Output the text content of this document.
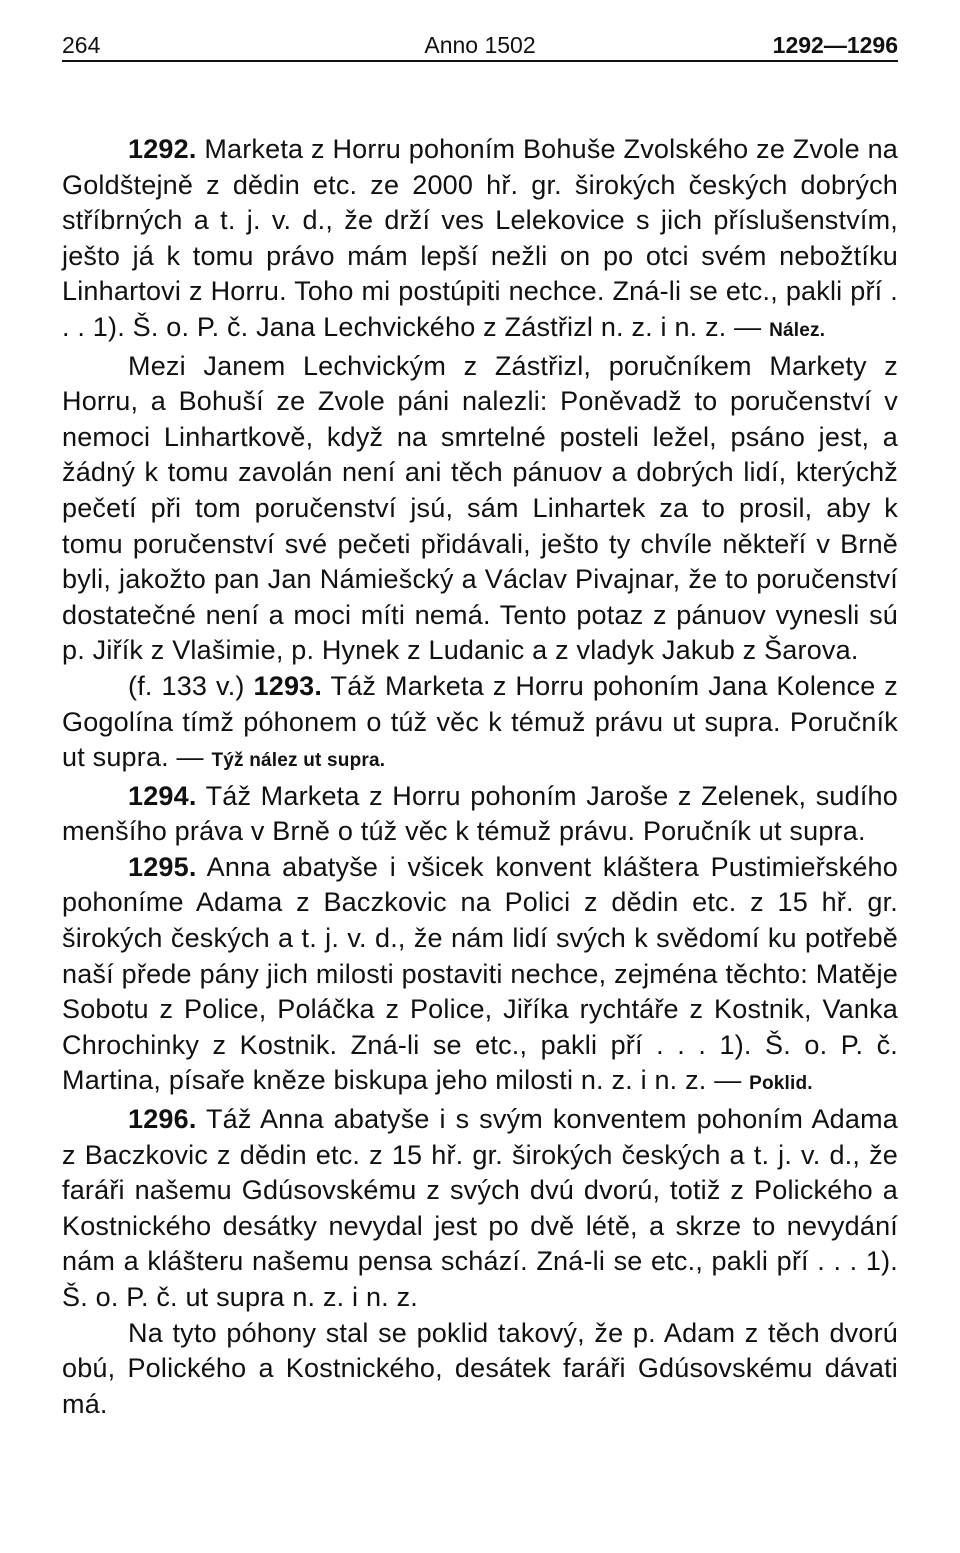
264	Anno 1502	1292—1296

1292. Marketa z Horru pohoním Bohuše Zvolského ze Zvole na Goldštejně z dědin etc. ze 2000 hř. gr. širokých českých dobrých stříbrných a t. j. v. d., že drží ves Lelekovice s jich příslušenstvím, ješto já k tomu právo mám lepší nežli on po otci svém nebožtíku Linhartovi z Horru. Toho mi postúpiti nechce. Zná-li se etc., pakli pří . . . 1). Š. o. P. č. Jana Lechvického z Zástřizl n. z. i n. z. — Nález.

Mezi Janem Lechvickým z Zástřizl, poručníkem Markety z Horru, a Bohuší ze Zvole páni nalezli: Poněvadž to poručenství v nemoci Linhartkově, když na smrtelné posteli ležel, psáno jest, a žádný k tomu zavolán není ani těch pánuov a dobrých lidí, kterýchž pečetí při tom poručenství jsú, sám Linhartek za to prosil, aby k tomu poručenství své pečeti přidávali, ješto ty chvíle někteří v Brně byli, jakožto pan Jan Námiešcký a Václav Pivajnar, že to poručenství dostatečné není a moci míti nemá. Tento potaz z pánuov vynesli sú p. Jiřík z Vlašimie, p. Hynek z Ludanic a z vladyk Jakub z Šarova.

(f. 133 v.) 1293. Táž Marketa z Horru pohoním Jana Kolence z Gogolína tímž póhonem o túž věc k témuž právu ut supra. Poručník ut supra. — Týž nález ut supra.

1294. Táž Marketa z Horru pohoním Jaroše z Zelenek, sudího menšího práva v Brně o túž věc k témuž právu. Poručník ut supra.

1295. Anna abatyše i všicek konvent kláštera Pustimieřského pohoníme Adama z Baczkovic na Polici z dědin etc. z 15 hř. gr. širokých českých a t. j. v. d., že nám lidí svých k svědomí ku potřebě naší přede pány jich milosti postaviti nechce, zejména těchto: Matěje Sobotu z Police, Poláčka z Police, Jiříka rychtáře z Kostnik, Vanka Chrochinky z Kostnik. Zná-li se etc., pakli pří . . . 1). Š. o. P. č. Martina, písaře kněze biskupa jeho milosti n. z. i n. z. — Poklid.

1296. Táž Anna abatyše i s svým konventem pohoním Adama z Baczkovic z dědin etc. z 15 hř. gr. širokých českých a t. j. v. d., že faráři našemu Gdúsovskému z svých dvú dvorú, totiž z Polického a Kostnického desátky nevydal jest po dvě létě, a skrze to nevydání nám a klášteru našemu pensa schází. Zná-li se etc., pakli pří . . . 1). Š. o. P. č. ut supra n. z. i n. z.

Na tyto póhony stal se poklid takový, že p. Adam z těch dvorú obú, Polického a Kostnického, desátek faráři Gdúsovskému dávati má.
